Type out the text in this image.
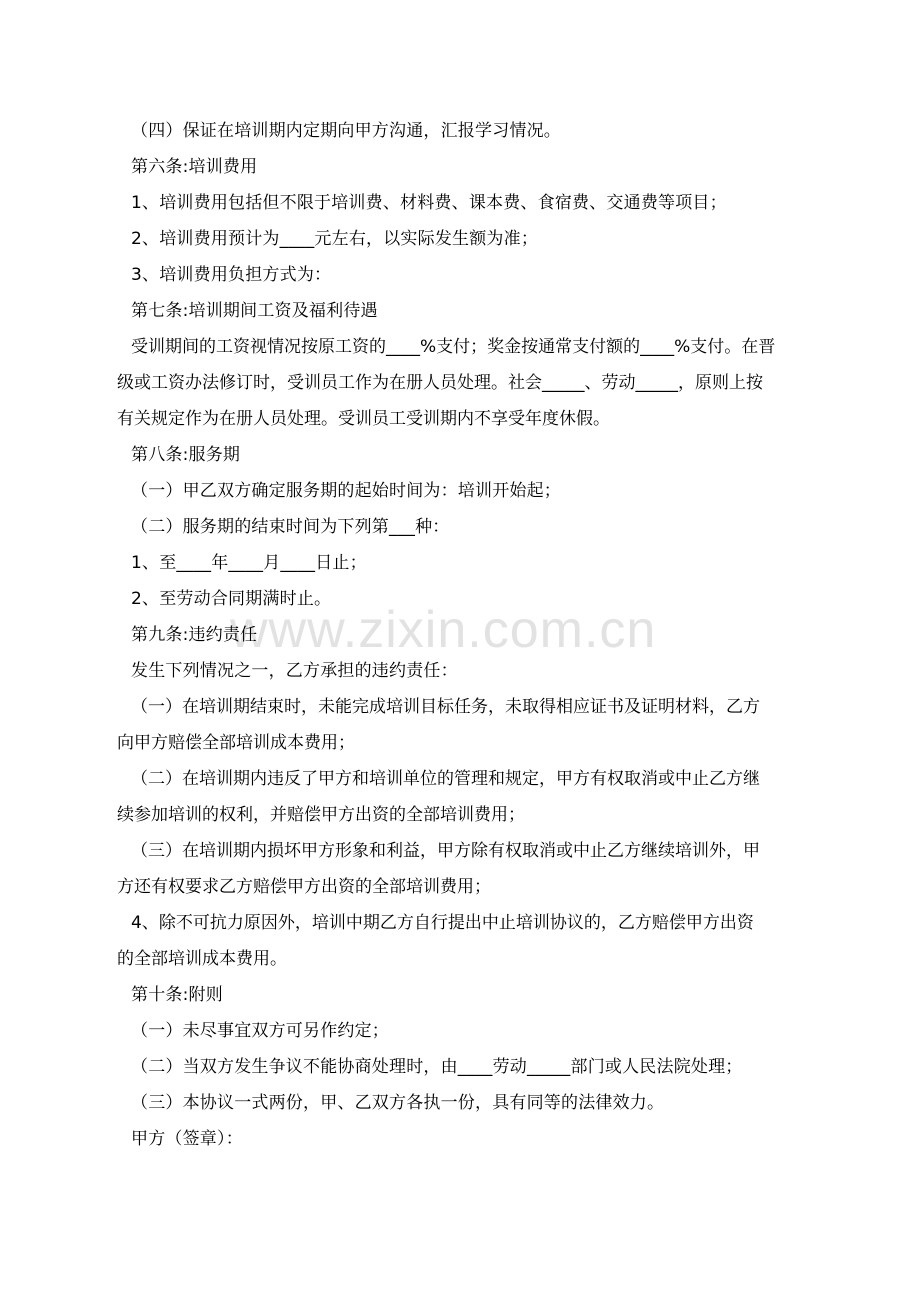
www.zixin.com.cn
（四）保证在培训期内定期向甲方沟通，汇报学习情况。
第六条:培训费用
1、培训费用包括但不限于培训费、材料费、课本费、食宿费、交通费等项目；
2、培训费用预计为____元左右，以实际发生额为准；
3、培训费用负担方式为：
第七条:培训期间工资及福利待遇
受训期间的工资视情况按原工资的____%支付；奖金按通常支付额的____%支付。在晋
级或工资办法修订时，受训员工作为在册人员处理。社会_____、劳动_____，原则上按
有关规定作为在册人员处理。受训员工受训期内不享受年度休假。
第八条:服务期
（一）甲乙双方确定服务期的起始时间为：培训开始起；
（二）服务期的结束时间为下列第___种：
1、至____年____月____日止；
2、至劳动合同期满时止。
第九条:违约责任
发生下列情况之一，乙方承担的违约责任：
（一）在培训期结束时，未能完成培训目标任务，未取得相应证书及证明材料，乙方
向甲方赔偿全部培训成本费用；
（二）在培训期内违反了甲方和培训单位的管理和规定，甲方有权取消或中止乙方继
续参加培训的权利，并赔偿甲方出资的全部培训费用；
（三）在培训期内损坏甲方形象和利益，甲方除有权取消或中止乙方继续培训外，甲
方还有权要求乙方赔偿甲方出资的全部培训费用；
4、除不可抗力原因外，培训中期乙方自行提出中止培训协议的，乙方赔偿甲方出资
的全部培训成本费用。
第十条:附则
（一）未尽事宜双方可另作约定；
（二）当双方发生争议不能协商处理时，由____劳动_____部门或人民法院处理；
（三）本协议一式两份，甲、乙双方各执一份，具有同等的法律效力。
甲方（签章）：
